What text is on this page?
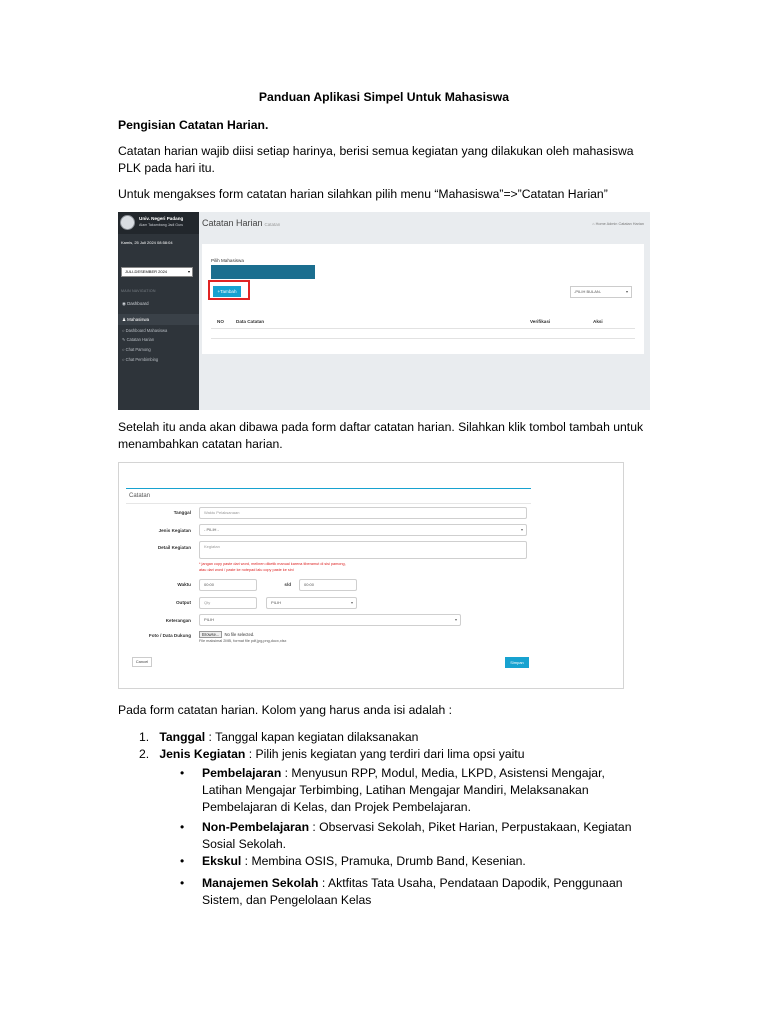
Panduan Aplikasi Simpel Untuk Mahasiswa
Pengisian Catatan Harian.

Catatan harian wajib diisi setiap harinya, berisi semua kegiatan yang dilakukan oleh mahasiswa PLK pada hari itu.

Untuk mengakses form catatan harian silahkan pilih menu “Mahasiswa”=>”Catatan Harian”

Univ. Negeri Padang
Alam Takambang Jadi Guru
Kamis, 25 Juli 2024 08:58:04
JULI-DESEMBER 2024	▾
MAIN NAVIGATION
◉ Dashboard
♟ Mahasiswa
○ Dashboard Mahasiswa
✎ Catatan Harian
○ Chat Pamong
○ Chat Pembimbing
Catatan Harian Catatan	⌂ Home Admin Catatan Harian
Pilih Mahasiswa
+Tambah	-PILIH BULAN-	▾
NO	Data Catatan	Verifikasi	Aksi

Setelah itu anda akan dibawa pada form daftar catatan harian. Silahkan klik tombol tambah untuk menambahkan catatan harian.

Catatan
Tanggal	Waktu Pelaksanaan
Jenis Kegiatan	- PILIH -	▾
Detail Kegiatan	Kegiatan
* jangan copy paste dari word, melinen diketik manual karena tiberamut di sisi pamong,
atau dari word / paste ke notepad lalu copy paste ke sini
Waktu	00:00	s/d	00:00
Output	Qty	PILIH	▾
Keterangan	PILIH	▾
Foto / Data Dukung	Browse... No file selected.
File maksimal 2MB, format file pdf,jpg,png,docx,xlsx
Cancel	Simpan

Pada form catatan harian. Kolom yang harus anda isi adalah :

1. Tanggal : Tanggal kapan kegiatan dilaksanakan
2. Jenis Kegiatan : Pilih jenis kegiatan yang terdiri dari lima opsi yaitu
• Pembelajaran : Menyusun RPP, Modul, Media, LKPD, Asistensi Mengajar, Latihan Mengajar Terbimbing, Latihan Mengajar Mandiri, Melaksanakan Pembelajaran di Kelas, dan Projek Pembelajaran.

• Non-Pembelajaran : Observasi Sekolah, Piket Harian, Perpustakaan, Kegiatan Sosial Sekolah.

• Ekskul : Membina OSIS, Pramuka, Drumb Band, Kesenian.

• Manajemen Sekolah : Aktfitas Tata Usaha, Pendataan Dapodik, Penggunaan Sistem, dan Pengelolaan Kelas
